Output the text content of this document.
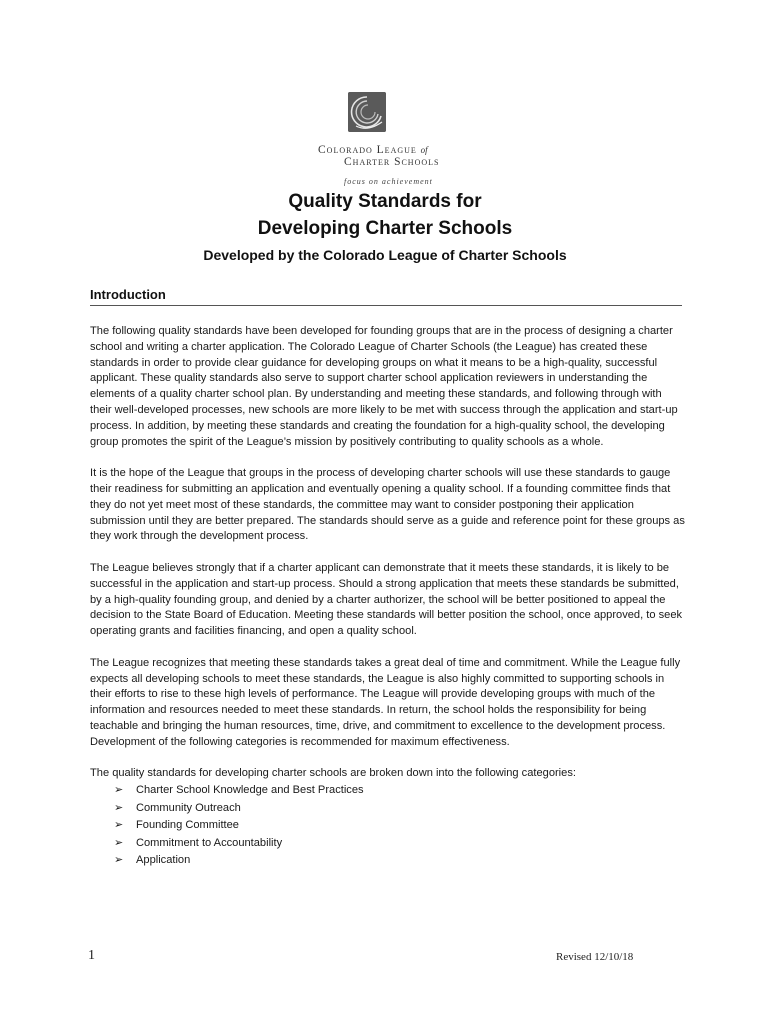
Colorado League of
Charter Schools
focus on achievement
Quality Standards for
Developing Charter Schools
Developed by the Colorado League of Charter Schools
Introduction

The following quality standards have been developed for founding groups that are in the process of designing a charter school and writing a charter application. The Colorado League of Charter Schools (the League) has created these standards in order to provide clear guidance for developing groups on what it means to be a high-quality, successful applicant. These quality standards also serve to support charter school application reviewers in understanding the elements of a quality charter school plan. By understanding and meeting these standards, and following through with their well-developed processes, new schools are more likely to be met with success through the application and start-up process. In addition, by meeting these standards and creating the foundation for a high-quality school, the developing group promotes the spirit of the League’s mission by positively contributing to quality schools as a whole.

It is the hope of the League that groups in the process of developing charter schools will use these standards to gauge their readiness for submitting an application and eventually opening a quality school. If a founding committee finds that they do not yet meet most of these standards, the committee may want to consider postponing their application submission until they are better prepared. The standards should serve as a guide and reference point for these groups as they work through the development process.

The League believes strongly that if a charter applicant can demonstrate that it meets these standards, it is likely to be successful in the application and start-up process. Should a strong application that meets these standards be submitted, by a high-quality founding group, and denied by a charter authorizer, the school will be better positioned to appeal the decision to the State Board of Education. Meeting these standards will better position the school, once approved, to seek operating grants and facilities financing, and open a quality school.

The League recognizes that meeting these standards takes a great deal of time and commitment. While the League fully expects all developing schools to meet these standards, the League is also highly committed to supporting schools in their efforts to rise to these high levels of performance. The League will provide developing groups with much of the information and resources needed to meet these standards. In return, the school holds the responsibility for being teachable and bringing the human resources, time, drive, and commitment to excellence to the development process. Development of the following categories is recommended for maximum effectiveness.

The quality standards for developing charter schools are broken down into the following categories:

➢ Charter School Knowledge and Best Practices
➢ Community Outreach
➢ Founding Committee
➢ Commitment to Accountability
➢ Application
1	Revised 12/10/18
